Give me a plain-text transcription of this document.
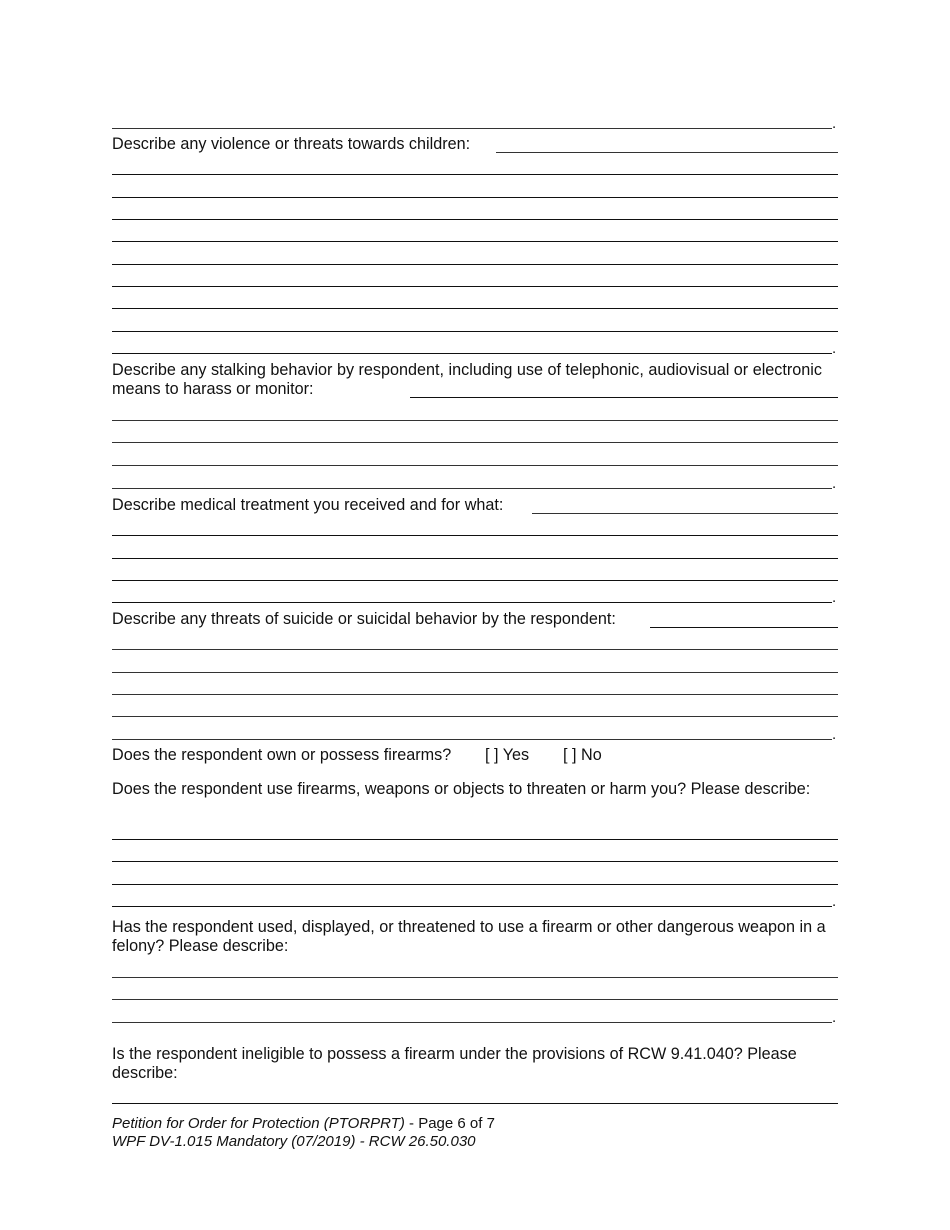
.
Describe any violence or threats towards children:
.
Describe any stalking behavior by respondent, including use of telephonic, audiovisual or electronic means to harass or monitor:
.
Describe medical treatment you received and for what:
.
Describe any threats of suicide or suicidal behavior by the respondent:
.
Does the respondent own or possess firearms? [ ] Yes [ ] No
Does the respondent use firearms, weapons or objects to threaten or harm you? Please describe:
.
Has the respondent used, displayed, or threatened to use a firearm or other dangerous weapon in a felony? Please describe:
.
Is the respondent ineligible to possess a firearm under the provisions of RCW 9.41.040? Please describe:
Petition for Order for Protection (PTORPRT) - Page 6 of 7
WPF DV-1.015 Mandatory (07/2019) - RCW 26.50.030
